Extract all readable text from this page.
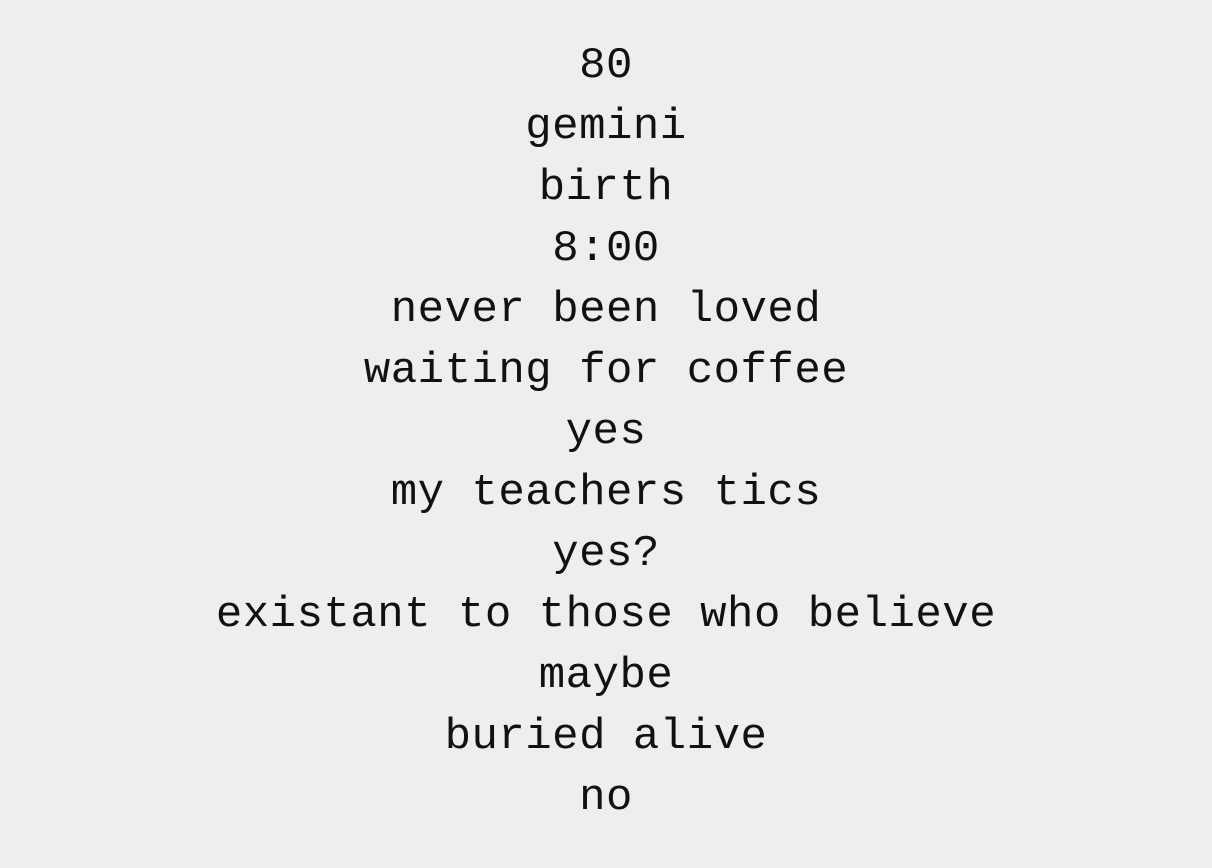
80
gemini
birth
8:00
never been loved
waiting for coffee
yes
my teachers tics
yes?
existant to those who believe
maybe
buried alive
no
